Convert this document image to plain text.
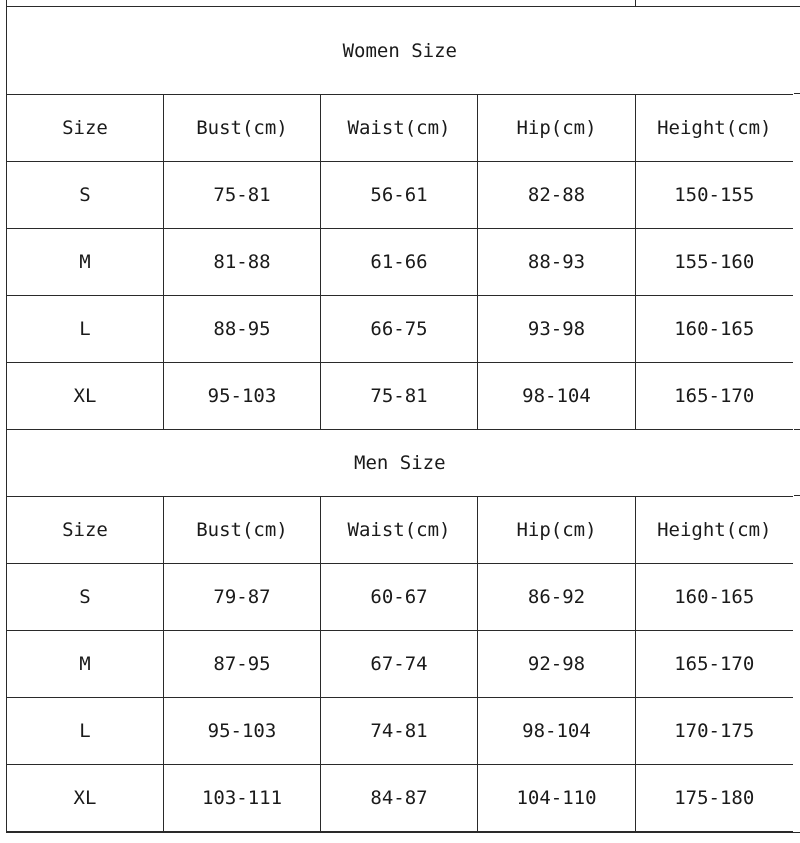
Women Size				
Size	Bust(cm)	Waist(cm)	Hip(cm)	Height(cm)
S	75-81	56-61	82-88	150-155
M	81-88	61-66	88-93	155-160
L	88-95	66-75	93-98	160-165
XL	95-103	75-81	98-104	165-170
Men Size				
Size	Bust(cm)	Waist(cm)	Hip(cm)	Height(cm)
S	79-87	60-67	86-92	160-165
M	87-95	67-74	92-98	165-170
L	95-103	74-81	98-104	170-175
XL	103-111	84-87	104-110	175-180
